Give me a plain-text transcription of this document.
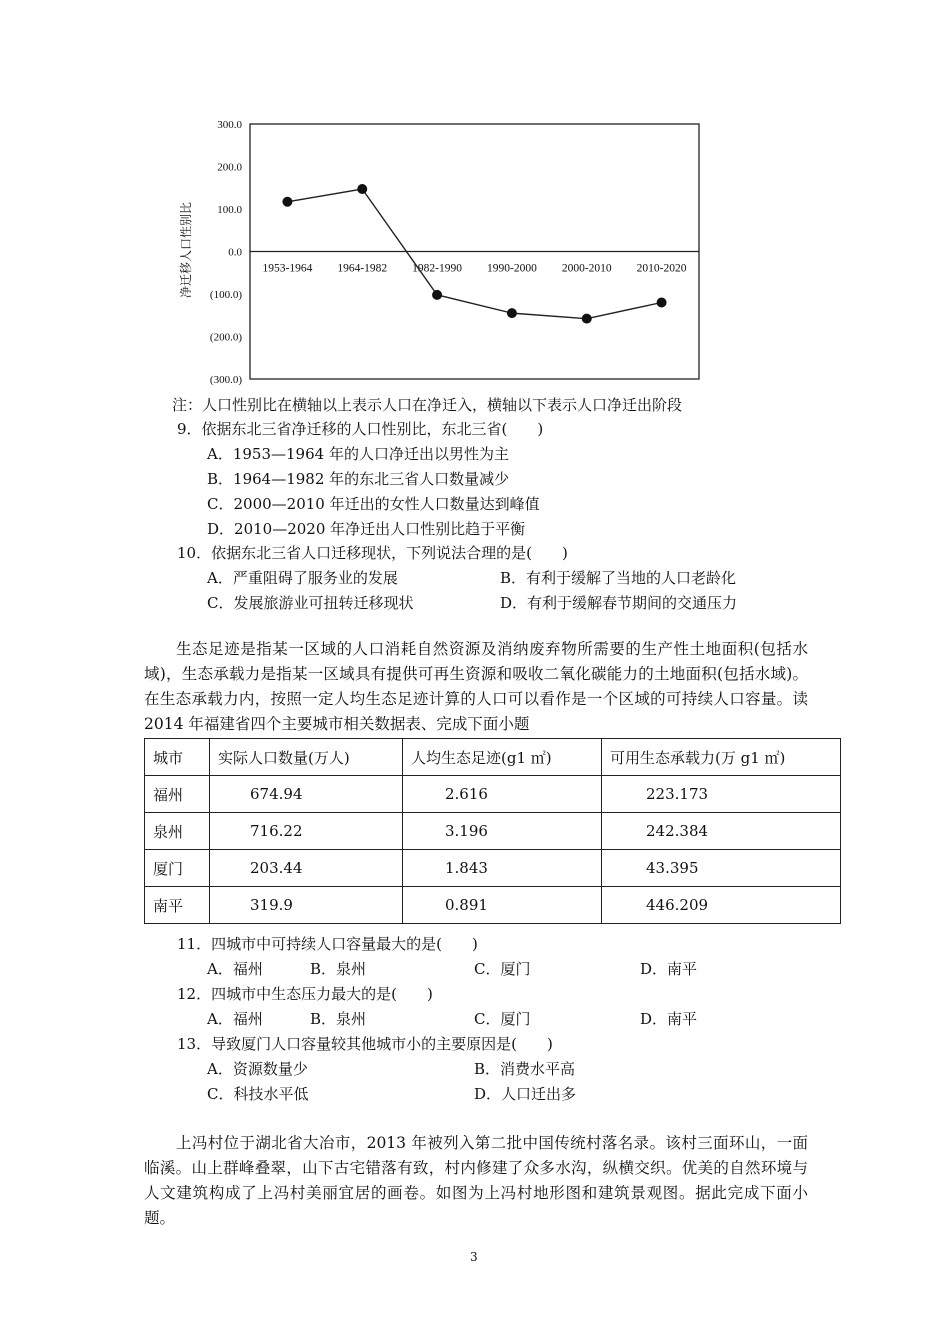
净迁移人口性别比
300.0
200.0
100.0
0.0
(100.0)
(200.0)
(300.0)
1953-1964 1964-1982 1982-1990 1990-2000 2000-2010 2010-2020
注：人口性别比在横轴以上表示人口在净迁入，横轴以下表示人口净迁出阶段
9．依据东北三省净迁移的人口性别比，东北三省(　　)
A．1953—1964 年的人口净迁出以男性为主
B．1964—1982 年的东北三省人口数量减少
C．2000—2010 年迁出的女性人口数量达到峰值
D．2010—2020 年净迁出人口性别比趋于平衡
10．依据东北三省人口迁移现状，下列说法合理的是(　　)
A．严重阻碍了服务业的发展	B．有利于缓解了当地的人口老龄化
C．发展旅游业可扭转迁移现状	D．有利于缓解春节期间的交通压力
生态足迹是指某一区域的人口消耗自然资源及消纳废弃物所需要的生产性土地面积(包括水域)，生态承载力是指某一区域具有提供可再生资源和吸收二氧化碳能力的土地面积(包括水域)。在生态承载力内，按照一定人均生态足迹计算的人口可以看作是一个区域的可持续人口容量。读 2014 年福建省四个主要城市相关数据表、完成下面小题
城市	实际人口数量(万人)	人均生态足迹(g1 ㎡)	可用生态承载力(万 g1 ㎡)
福州	674.94	2.616	223.173
泉州	716.22	3.196	242.384
厦门	203.44	1.843	43.395
南平	319.9	0.891	446.209
11．四城市中可持续人口容量最大的是(　　)
A．福州	B．泉州	C．厦门	D．南平
12．四城市中生态压力最大的是(　　)
A．福州	B．泉州	C．厦门	D．南平
13．导致厦门人口容量较其他城市小的主要原因是(　　)
A．资源数量少	B．消费水平高
C．科技水平低	D．人口迁出多
上冯村位于湖北省大冶市，2013 年被列入第二批中国传统村落名录。该村三面环山，一面临溪。山上群峰叠翠，山下古宅错落有致，村内修建了众多水沟，纵横交织。优美的自然环境与人文建筑构成了上冯村美丽宜居的画卷。如图为上冯村地形图和建筑景观图。据此完成下面小题。
3
